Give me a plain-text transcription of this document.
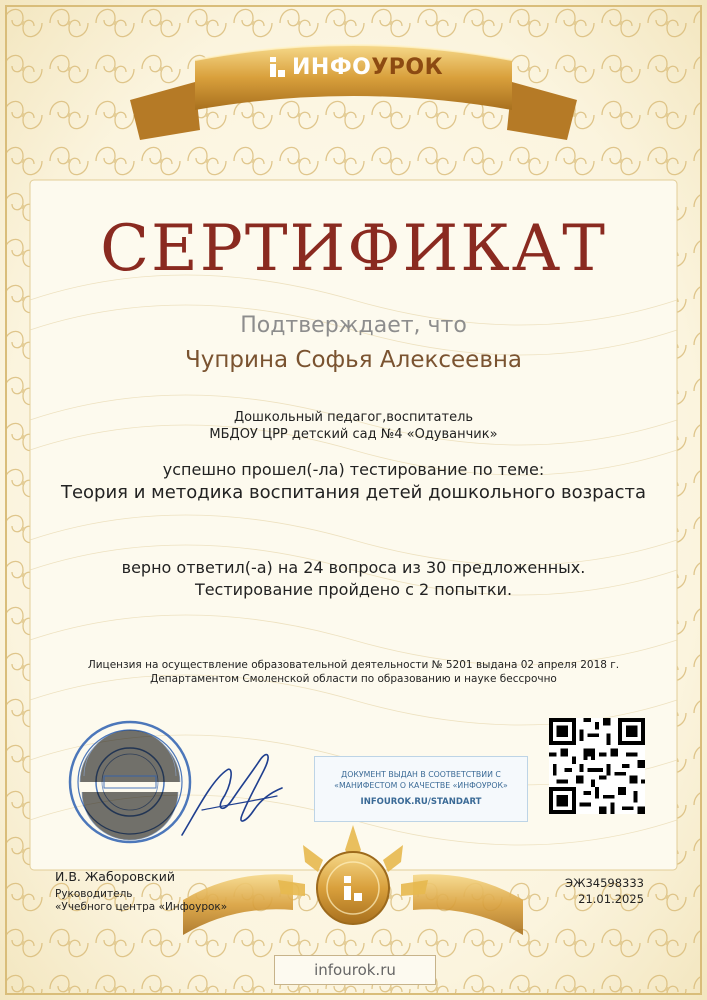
ИНФОУРОК
СЕРТИФИКАТ
Подтверждает, что
Чуприна Софья Алексеевна
Дошкольный педагог,воспитатель
МБДОУ ЦРР детский сад №4 «Одуванчик»
успешно прошел(-ла) тестирование по теме:
Теория и методика воспитания детей дошкольного возраста
верно ответил(-а) на 24 вопроса из 30 предложенных.
Тестирование пройдено с 2 попытки.
Лицензия на осуществление образовательной деятельности № 5201 выдана 02 апреля 2018 г.
Департаментом Смоленской области по образованию и науке бессрочно
ДОКУМЕНТ ВЫДАН В СООТВЕТСТВИИ С
«МАНИФЕСТОМ О КАЧЕСТВЕ «ИНФОУРОК»
INFOUROK.RU/STANDART
И.В. Жаборовский
Руководитель
«Учебного центра «Инфоурок»
ЭЖ34598333
21.01.2025
infourok.ru
